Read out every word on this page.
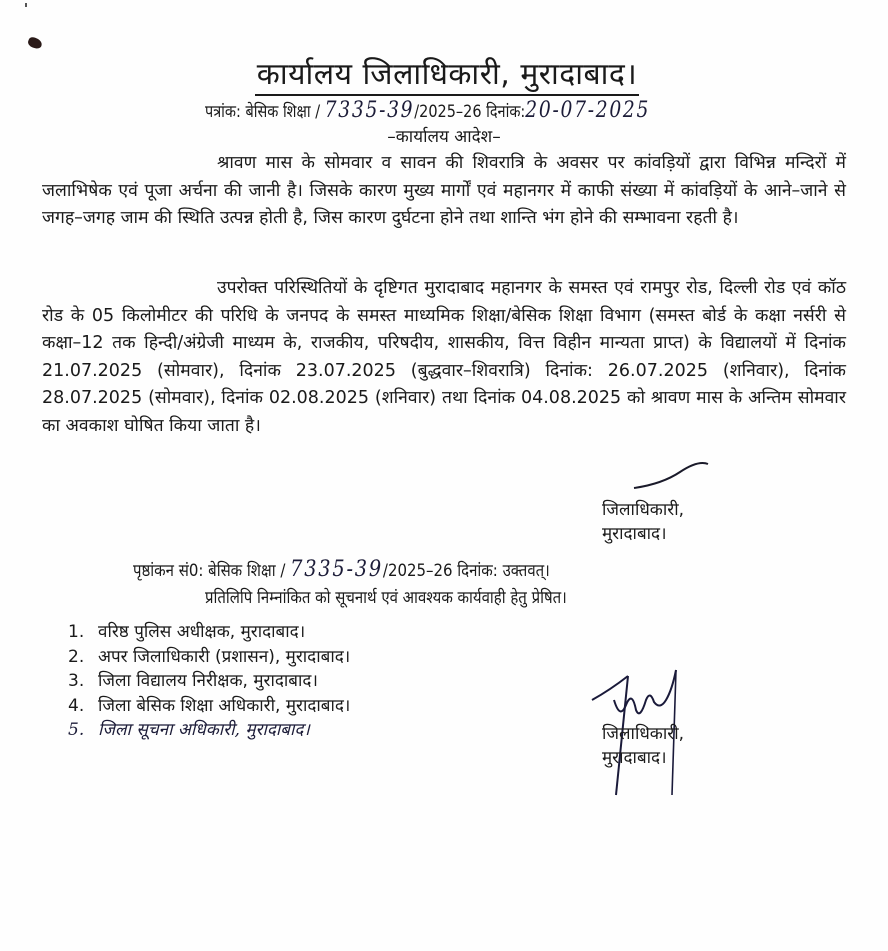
कार्यालय जिलाधिकारी, मुरादाबाद।
पत्रांक: बेसिक शिक्षा / 7335-39/2025–26 दिनांक:20-07-2025
–कार्यालय आदेश–
श्रावण मास के सोमवार व सावन की शिवरात्रि के अवसर पर कांवड़ियों द्वारा विभिन्न मन्दिरों में जलाभिषेक एवं पूजा अर्चना की जानी है। जिसके कारण मुख्य मार्गों एवं महानगर में काफी संख्या में कांवड़ियों के आने–जाने से जगह–जगह जाम की स्थिति उत्पन्न होती है, जिस कारण दुर्घटना होने तथा शान्ति भंग होने की सम्भावना रहती है।
उपरोक्त परिस्थितियों के दृष्टिगत मुरादाबाद महानगर के समस्त एवं रामपुर रोड, दिल्ली रोड एवं कॉठ रोड के 05 किलोमीटर की परिधि के जनपद के समस्त माध्यमिक शिक्षा/बेसिक शिक्षा विभाग (समस्त बोर्ड के कक्षा नर्सरी से कक्षा–12 तक हिन्दी/अंग्रेजी माध्यम के, राजकीय, परिषदीय, शासकीय, वित्त विहीन मान्यता प्राप्त) के विद्यालयों में दिनांक 21.07.2025 (सोमवार), दिनांक 23.07.2025 (बुद्धवार–शिवरात्रि) दिनांक: 26.07.2025 (शनिवार), दिनांक 28.07.2025 (सोमवार), दिनांक 02.08.2025 (शनिवार) तथा दिनांक 04.08.2025 को श्रावण मास के अन्तिम सोमवार का अवकाश घोषित किया जाता है।
जिलाधिकारी,
मुरादाबाद।
पृष्ठांकन सं0: बेसिक शिक्षा / 7335-39/2025–26 दिनांक: उक्तवत्।
प्रतिलिपि निम्नांकित को सूचनार्थ एवं आवश्यक कार्यवाही हेतु प्रेषित।
1. वरिष्ठ पुलिस अधीक्षक, मुरादाबाद।
2. अपर जिलाधिकारी (प्रशासन), मुरादाबाद।
3. जिला विद्यालय निरीक्षक, मुरादाबाद।
4. जिला बेसिक शिक्षा अधिकारी, मुरादाबाद।
5. जिला सूचना अधिकारी, मुरादाबाद।	जिलाधिकारी,
मुरादाबाद।
